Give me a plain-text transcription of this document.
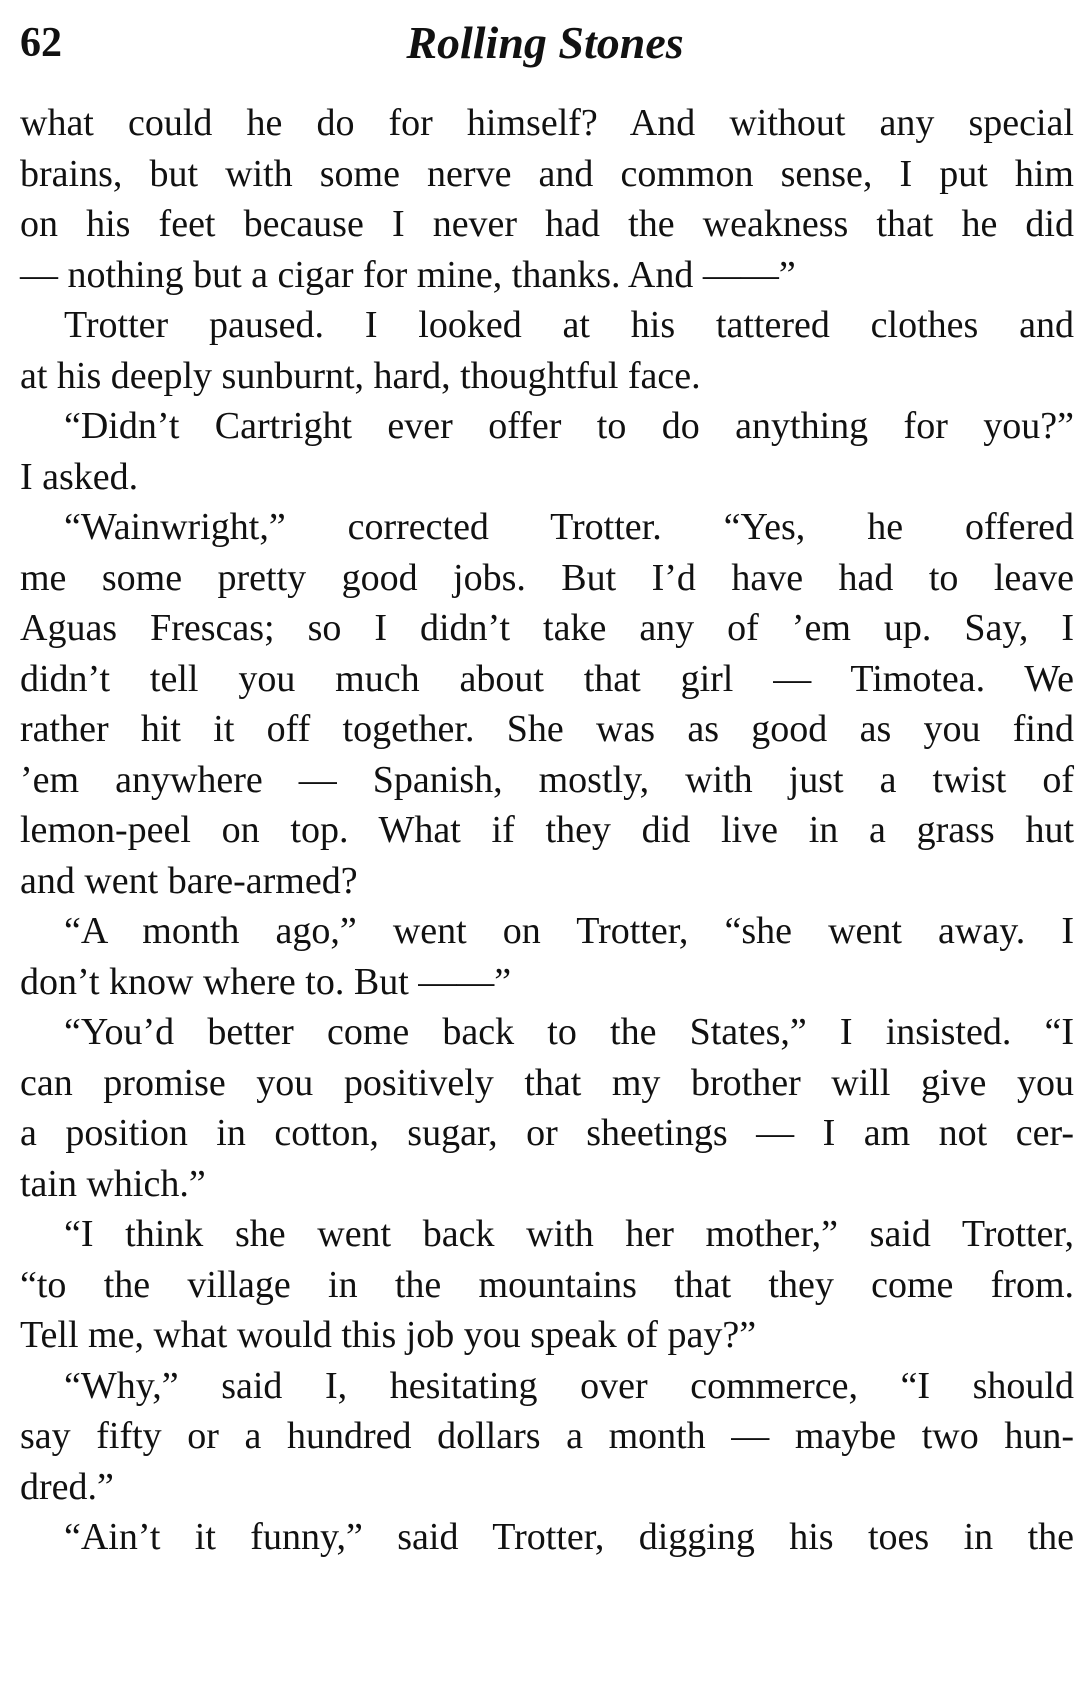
62	Rolling Stones
what could he do for himself? And without any special
brains, but with some nerve and common sense, I put him
on his feet because I never had the weakness that he did
— nothing but a cigar for mine, thanks. And ——”
Trotter paused. I looked at his tattered clothes and
at his deeply sunburnt, hard, thoughtful face.
“Didn’t Cartright ever offer to do anything for you?”
I asked.
“Wainwright,” corrected Trotter. “Yes, he offered
me some pretty good jobs. But I’d have had to leave
Aguas Frescas; so I didn’t take any of ’em up. Say, I
didn’t tell you much about that girl — Timotea. We
rather hit it off together. She was as good as you find
’em anywhere — Spanish, mostly, with just a twist of
lemon-peel on top. What if they did live in a grass hut
and went bare-armed?
“A month ago,” went on Trotter, “she went away. I
don’t know where to. But ——”
“You’d better come back to the States,” I insisted. “I
can promise you positively that my brother will give you
a position in cotton, sugar, or sheetings — I am not cer-
tain which.”
“I think she went back with her mother,” said Trotter,
“to the village in the mountains that they come from.
Tell me, what would this job you speak of pay?”
“Why,” said I, hesitating over commerce, “I should
say fifty or a hundred dollars a month — maybe two hun-
dred.”
“Ain’t it funny,” said Trotter, digging his toes in the
